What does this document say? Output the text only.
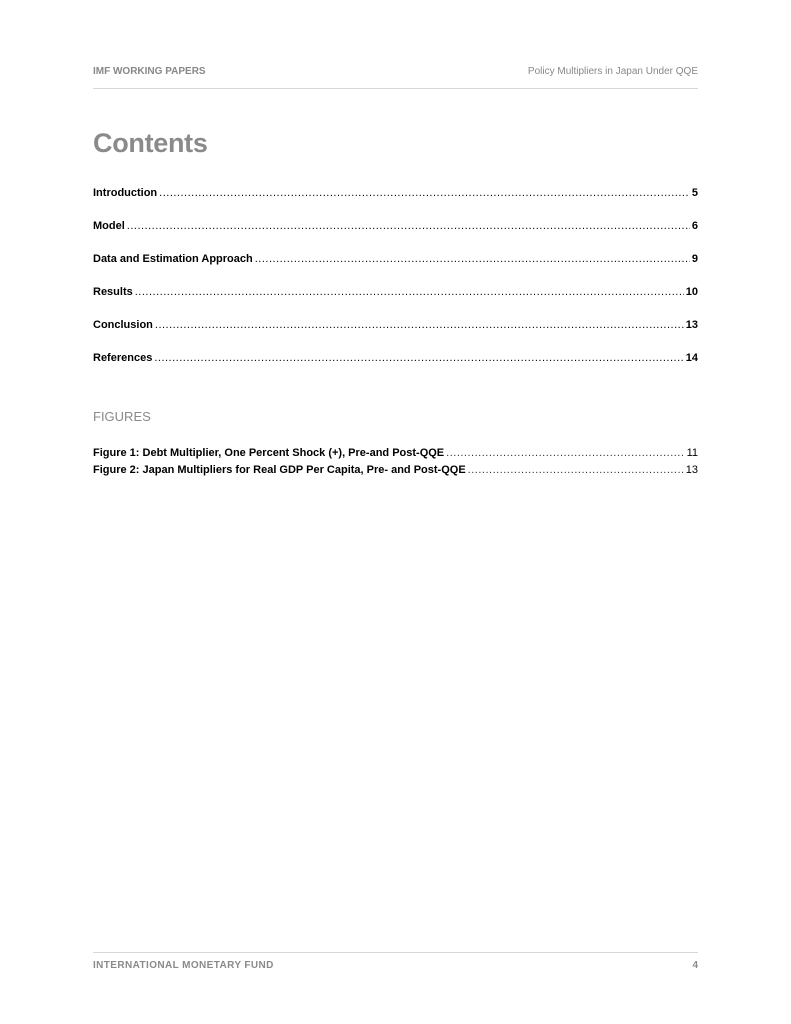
IMF WORKING PAPERS	Policy Multipliers in Japan Under QQE
Contents
Introduction .....	5
Model .....	6
Data and Estimation Approach .....	9
Results .....	10
Conclusion .....	13
References .....	14
FIGURES
Figure 1: Debt Multiplier, One Percent Shock (+), Pre-and Post-QQE .....	11
Figure 2: Japan Multipliers for Real GDP Per Capita, Pre- and Post-QQE .....	13
INTERNATIONAL MONETARY FUND	4
